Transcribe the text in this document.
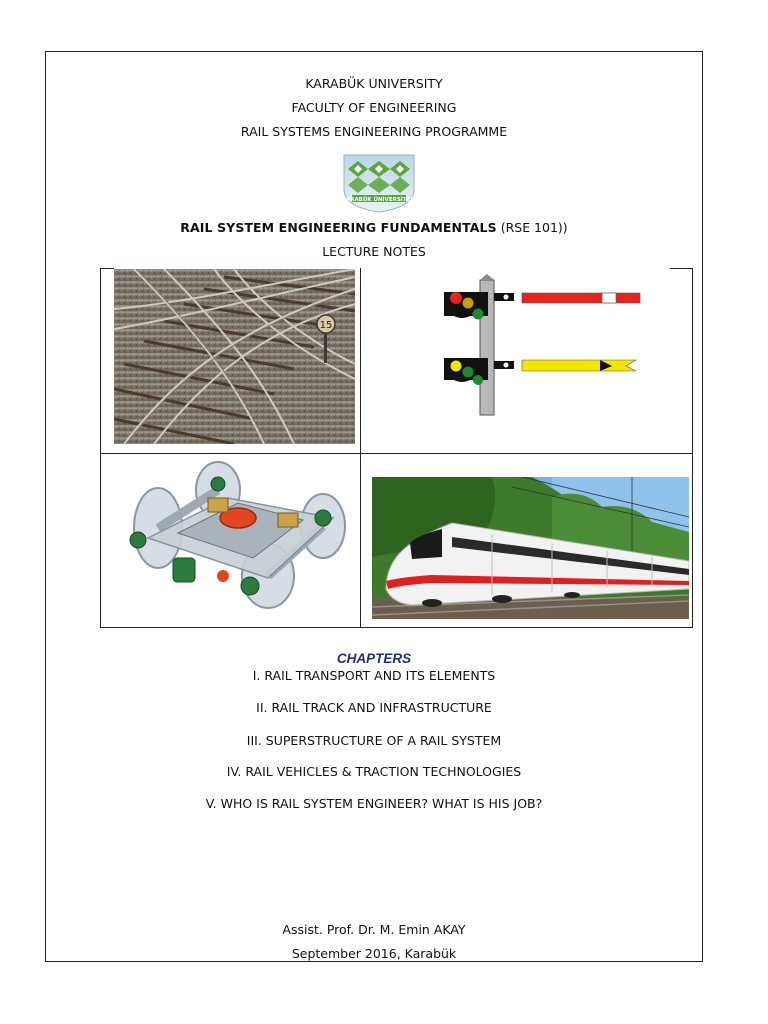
KARABÜK UNIVERSITY
FACULTY OF ENGINEERING
RAIL SYSTEMS ENGINEERING PROGRAMME
KARABÜK ÜNİVERSİTESİ
RAIL SYSTEM ENGINEERING FUNDAMENTALS (RSE 101))
LECTURE NOTES
15
CHAPTERS
I. RAIL TRANSPORT AND ITS ELEMENTS
II. RAIL TRACK AND INFRASTRUCTURE
III. SUPERSTRUCTURE OF A RAIL SYSTEM
IV. RAIL VEHICLES & TRACTION TECHNOLOGIES
V. WHO IS RAIL SYSTEM ENGINEER? WHAT IS HIS JOB?
Assist. Prof. Dr. M. Emin AKAY
September 2016, Karabük
